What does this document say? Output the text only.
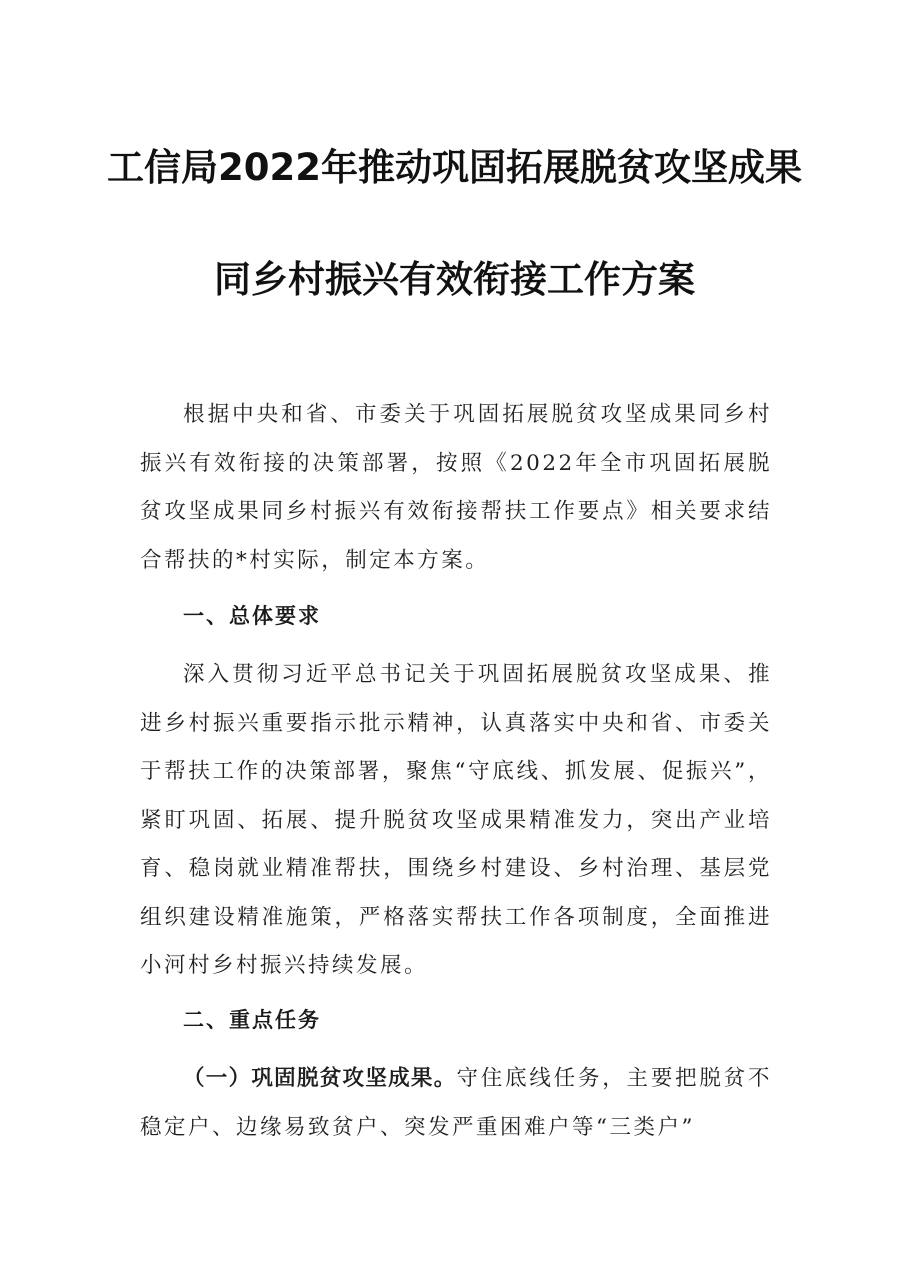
工信局2022年推动巩固拓展脱贫攻坚成果
同乡村振兴有效衔接工作方案

根据中央和省、市委关于巩固拓展脱贫攻坚成果同乡村振兴有效衔接的决策部署，按照《2022年全市巩固拓展脱贫攻坚成果同乡村振兴有效衔接帮扶工作要点》相关要求结合帮扶的*村实际，制定本方案。

一、总体要求

深入贯彻习近平总书记关于巩固拓展脱贫攻坚成果、推进乡村振兴重要指示批示精神，认真落实中央和省、市委关于帮扶工作的决策部署，聚焦“守底线、抓发展、促振兴”，紧盯巩固、拓展、提升脱贫攻坚成果精准发力，突出产业培育、稳岗就业精准帮扶，围绕乡村建设、乡村治理、基层党组织建设精准施策，严格落实帮扶工作各项制度，全面推进小河村乡村振兴持续发展。

二、重点任务

（一）巩固脱贫攻坚成果。守住底线任务，主要把脱贫不稳定户、边缘易致贫户、突发严重困难户等“三类户”
